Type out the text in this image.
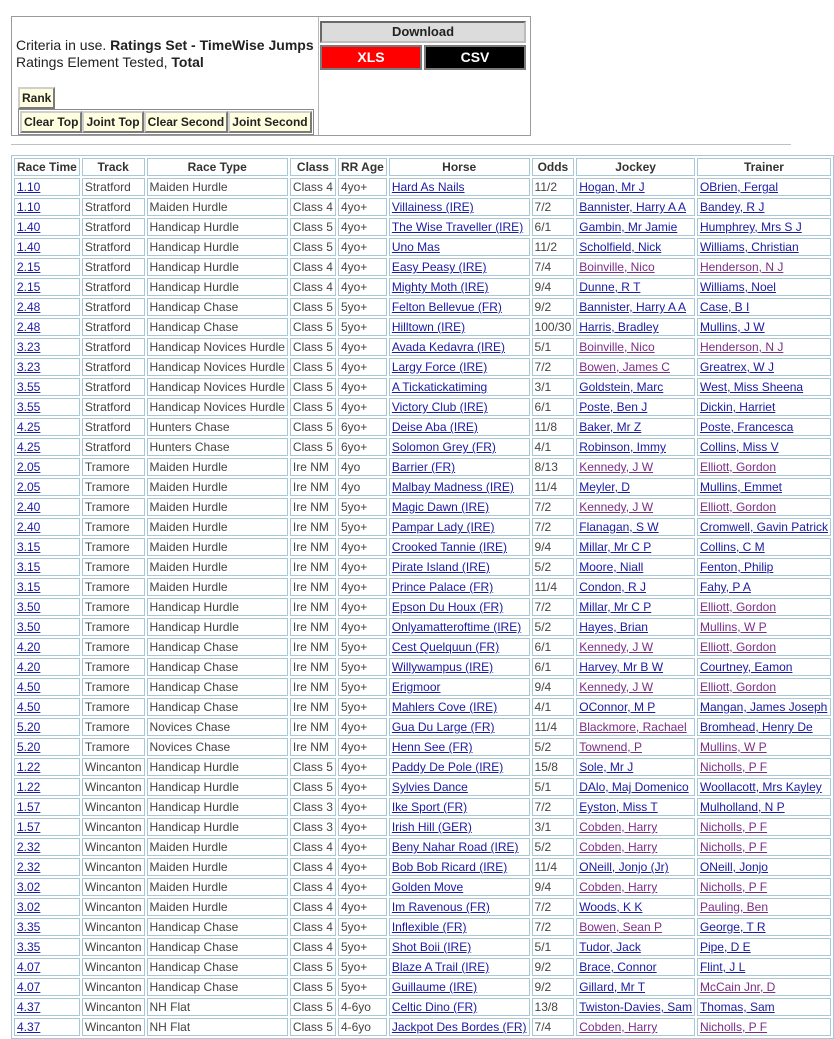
Criteria in use. Ratings Set - TimeWise Jumps
Ratings Element Tested, Total
Rank
Clear Top Joint Top Clear Second Joint Second
Download
XLS	CSV
Race Time	Track	Race Type	Class	RR Age	Horse	Odds	Jockey	Trainer
1.10	Stratford	Maiden Hurdle	Class 4	4yo+	Hard As Nails	11/2	Hogan, Mr J	OBrien, Fergal
1.10	Stratford	Maiden Hurdle	Class 4	4yo+	Villainess (IRE)	7/2	Bannister, Harry A A	Bandey, R J
1.40	Stratford	Handicap Hurdle	Class 5	4yo+	The Wise Traveller (IRE)	6/1	Gambin, Mr Jamie	Humphrey, Mrs S J
1.40	Stratford	Handicap Hurdle	Class 5	4yo+	Uno Mas	11/2	Scholfield, Nick	Williams, Christian
2.15	Stratford	Handicap Hurdle	Class 4	4yo+	Easy Peasy (IRE)	7/4	Boinville, Nico	Henderson, N J
2.15	Stratford	Handicap Hurdle	Class 4	4yo+	Mighty Moth (IRE)	9/4	Dunne, R T	Williams, Noel
2.48	Stratford	Handicap Chase	Class 5	5yo+	Felton Bellevue (FR)	9/2	Bannister, Harry A A	Case, B I
2.48	Stratford	Handicap Chase	Class 5	5yo+	Hilltown (IRE)	100/30	Harris, Bradley	Mullins, J W
3.23	Stratford	Handicap Novices Hurdle	Class 5	4yo+	Avada Kedavra (IRE)	5/1	Boinville, Nico	Henderson, N J
3.23	Stratford	Handicap Novices Hurdle	Class 5	4yo+	Largy Force (IRE)	7/2	Bowen, James C	Greatrex, W J
3.55	Stratford	Handicap Novices Hurdle	Class 5	4yo+	A Tickatickatiming	3/1	Goldstein, Marc	West, Miss Sheena
3.55	Stratford	Handicap Novices Hurdle	Class 5	4yo+	Victory Club (IRE)	6/1	Poste, Ben J	Dickin, Harriet
4.25	Stratford	Hunters Chase	Class 5	6yo+	Deise Aba (IRE)	11/8	Baker, Mr Z	Poste, Francesca
4.25	Stratford	Hunters Chase	Class 5	6yo+	Solomon Grey (FR)	4/1	Robinson, Immy	Collins, Miss V
2.05	Tramore	Maiden Hurdle	Ire NM	4yo	Barrier (FR)	8/13	Kennedy, J W	Elliott, Gordon
2.05	Tramore	Maiden Hurdle	Ire NM	4yo	Malbay Madness (IRE)	11/4	Meyler, D	Mullins, Emmet
2.40	Tramore	Maiden Hurdle	Ire NM	5yo+	Magic Dawn (IRE)	7/2	Kennedy, J W	Elliott, Gordon
2.40	Tramore	Maiden Hurdle	Ire NM	5yo+	Pampar Lady (IRE)	7/2	Flanagan, S W	Cromwell, Gavin Patrick
3.15	Tramore	Maiden Hurdle	Ire NM	4yo+	Crooked Tannie (IRE)	9/4	Millar, Mr C P	Collins, C M
3.15	Tramore	Maiden Hurdle	Ire NM	4yo+	Pirate Island (IRE)	5/2	Moore, Niall	Fenton, Philip
3.15	Tramore	Maiden Hurdle	Ire NM	4yo+	Prince Palace (FR)	11/4	Condon, R J	Fahy, P A
3.50	Tramore	Handicap Hurdle	Ire NM	4yo+	Epson Du Houx (FR)	7/2	Millar, Mr C P	Elliott, Gordon
3.50	Tramore	Handicap Hurdle	Ire NM	4yo+	Onlyamatteroftime (IRE)	5/2	Hayes, Brian	Mullins, W P
4.20	Tramore	Handicap Chase	Ire NM	5yo+	Cest Quelquun (FR)	6/1	Kennedy, J W	Elliott, Gordon
4.20	Tramore	Handicap Chase	Ire NM	5yo+	Willywampus (IRE)	6/1	Harvey, Mr B W	Courtney, Eamon
4.50	Tramore	Handicap Chase	Ire NM	5yo+	Erigmoor	9/4	Kennedy, J W	Elliott, Gordon
4.50	Tramore	Handicap Chase	Ire NM	5yo+	Mahlers Cove (IRE)	4/1	OConnor, M P	Mangan, James Joseph
5.20	Tramore	Novices Chase	Ire NM	4yo+	Gua Du Large (FR)	11/4	Blackmore, Rachael	Bromhead, Henry De
5.20	Tramore	Novices Chase	Ire NM	4yo+	Henn See (FR)	5/2	Townend, P	Mullins, W P
1.22	Wincanton	Handicap Hurdle	Class 5	4yo+	Paddy De Pole (IRE)	15/8	Sole, Mr J	Nicholls, P F
1.22	Wincanton	Handicap Hurdle	Class 5	4yo+	Sylvies Dance	5/1	DAlo, Maj Domenico	Woollacott, Mrs Kayley
1.57	Wincanton	Handicap Hurdle	Class 3	4yo+	Ike Sport (FR)	7/2	Eyston, Miss T	Mulholland, N P
1.57	Wincanton	Handicap Hurdle	Class 3	4yo+	Irish Hill (GER)	3/1	Cobden, Harry	Nicholls, P F
2.32	Wincanton	Maiden Hurdle	Class 4	4yo+	Beny Nahar Road (IRE)	5/2	Cobden, Harry	Nicholls, P F
2.32	Wincanton	Maiden Hurdle	Class 4	4yo+	Bob Bob Ricard (IRE)	11/4	ONeill, Jonjo (Jr)	ONeill, Jonjo
3.02	Wincanton	Maiden Hurdle	Class 4	4yo+	Golden Move	9/4	Cobden, Harry	Nicholls, P F
3.02	Wincanton	Maiden Hurdle	Class 4	4yo+	Im Ravenous (FR)	7/2	Woods, K K	Pauling, Ben
3.35	Wincanton	Handicap Chase	Class 4	5yo+	Inflexible (FR)	7/2	Bowen, Sean P	George, T R
3.35	Wincanton	Handicap Chase	Class 4	5yo+	Shot Boii (IRE)	5/1	Tudor, Jack	Pipe, D E
4.07	Wincanton	Handicap Chase	Class 5	5yo+	Blaze A Trail (IRE)	9/2	Brace, Connor	Flint, J L
4.07	Wincanton	Handicap Chase	Class 5	5yo+	Guillaume (IRE)	9/2	Gillard, Mr T	McCain Jnr, D
4.37	Wincanton	NH Flat	Class 5	4-6yo	Celtic Dino (FR)	13/8	Twiston-Davies, Sam	Thomas, Sam
4.37	Wincanton	NH Flat	Class 5	4-6yo	Jackpot Des Bordes (FR)	7/4	Cobden, Harry	Nicholls, P F
